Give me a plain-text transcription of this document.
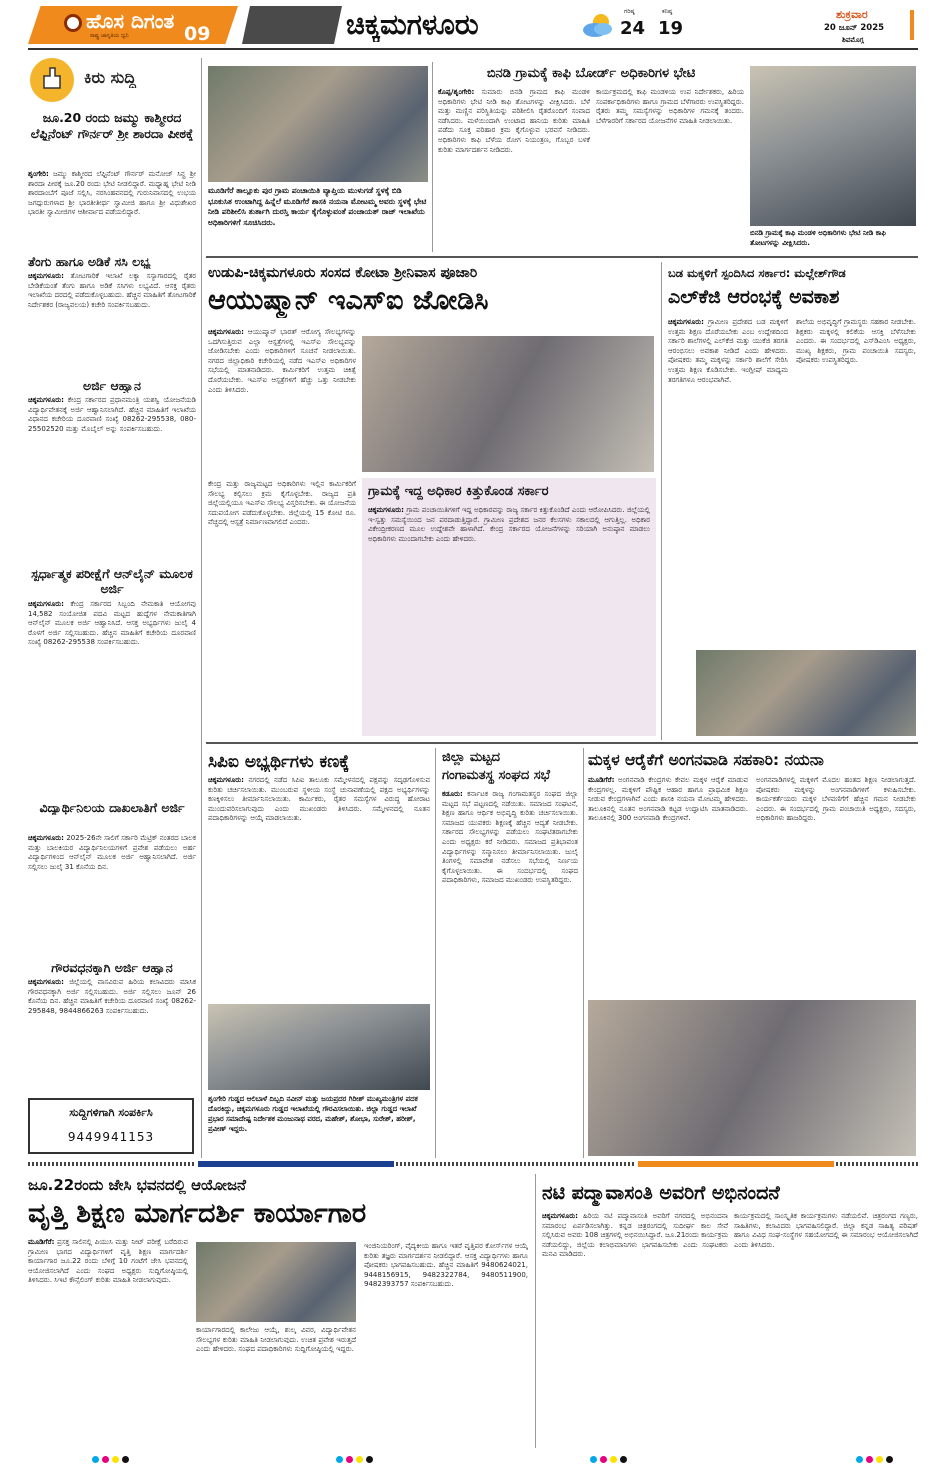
ಹೊಸ ದಿಗಂತ
ರಾಷ್ಟ್ರ ಜಾಗೃತಿಯ ಧ್ವನಿ	09	ಚಿಕ್ಕಮಗಳೂರು	ಗರಿಷ್ಠ
24
ಕನಿಷ್ಠ
19
ಶುಕ್ರವಾರ
20 ಜೂನ್ 2025
ಶಿವಮೊಗ್ಗ
ಕಿರು ಸುದ್ದಿ
ಜೂ.20 ರಂದು ಜಮ್ಮು ಕಾಶ್ಮೀರದ ಲೆಫ್ಟಿನೆಂಟ್ ಗೌರ್ನರ್ ಶ್ರೀ ಶಾರದಾ ಪೀಠಕ್ಕೆ
ಶೃಂಗೇರಿ: ಜಮ್ಮು ಕಾಶ್ಮೀರದ ಲೆಫ್ಟಿನೆಂಟ್ ಗೌರ್ನರ್ ಮನೋಜ್ ಸಿನ್ಹ ಶ್ರೀ ಶಾರದಾ ಪೀಠಕ್ಕೆ ಜೂ.20 ರಂದು ಭೇಟಿ ನೀಡಲಿದ್ದಾರೆ. ಮಧ್ಯಾಹ್ನ ಭೇಟಿ ನೀಡಿ ಶಾರದಾಂಬೆಗೆ ಪೂಜೆ ಸಲ್ಲಿಸಿ, ನರಸಿಂಹವನದಲ್ಲಿ ಗುರುನಿವಾಸದಲ್ಲಿ ಉಭಯ ಜಗದ್ಗುರುಗಳಾದ ಶ್ರೀ ಭಾರತೀತೀರ್ಥ ಸ್ವಾಮೀಜಿ ಹಾಗೂ ಶ್ರೀ ವಿಧುಶೇಖರ ಭಾರತೀ ಸ್ವಾಮೀಜಿಗಳ ಆಶೀರ್ವಾದ ಪಡೆಯಲಿದ್ದಾರೆ.
ತೆಂಗು ಹಾಗೂ ಅಡಿಕೆ ಸಸಿ ಲಭ್ಯ
ಚಿಕ್ಕಮಗಳೂರು: ತೋಟಗಾರಿಕೆ ಇಲಾಖೆ ಲಕ್ಯಾ ಸಸ್ಯಾಗಾರದಲ್ಲಿ ರೈತರ ಬೇಡಿಕೆಯಂತೆ ತೆಂಗು ಹಾಗೂ ಅಡಿಕೆ ಸಸಿಗಳು ಲಭ್ಯವಿದೆ. ಆಸಕ್ತ ರೈತರು ಇಲಾಖೆಯ ದರದಲ್ಲಿ ಪಡೆದುಕೊಳ್ಳಬಹುದು. ಹೆಚ್ಚಿನ ಮಾಹಿತಿಗೆ ತೋಟಗಾರಿಕೆ ನಿರ್ದೇಶಕರ (ರಾಜ್ಯವಲಯ) ಕಚೇರಿ ಸಂಪರ್ಕಿಸಬಹುದು.
ಅರ್ಜಿ ಆಹ್ವಾನ
ಚಿಕ್ಕಮಗಳೂರು: ಕೇಂದ್ರ ಸರ್ಕಾರದ ಪ್ರಧಾನಮಂತ್ರಿ ಯಶಸ್ವಿ ಯೋಜನೆಯಡಿ ವಿದ್ಯಾರ್ಥಿವೇತನಕ್ಕೆ ಅರ್ಜಿ ಆಹ್ವಾನಿಸಲಾಗಿದೆ. ಹೆಚ್ಚಿನ ಮಾಹಿತಿಗೆ ಇಲಾಖೆಯ ವಿಧಾನದ ಕಚೇರಿಯ ದೂರವಾಣಿ ಸಂಖ್ಯೆ 08262-295538, 080-25502520 ಮತ್ತು ಮೊಬೈಲ್ ಅನ್ನು ಸಂಪರ್ಕಿಸಬಹುದು.
ಸ್ಪರ್ಧಾತ್ಮಕ ಪರೀಕ್ಷೆಗೆ ಆನ್‌ಲೈನ್ ಮೂಲಕ ಅರ್ಜಿ
ಚಿಕ್ಕಮಗಳೂರು: ಕೇಂದ್ರ ಸರ್ಕಾರದ ಸಿಬ್ಬಂದಿ ನೇಮಕಾತಿ ಆಯೋಗವು 14,582 ಸಂಯೋಜಿತ ಪದವಿ ಮಟ್ಟದ ಹುದ್ದೆಗಳ ನೇಮಕಾತಿಗಾಗಿ ಆನ್‌ಲೈನ್ ಮೂಲಕ ಅರ್ಜಿ ಆಹ್ವಾನಿಸಿದೆ. ಆಸಕ್ತ ಅಭ್ಯರ್ಥಿಗಳು ಜುಲೈ 4 ರೊಳಗೆ ಅರ್ಜಿ ಸಲ್ಲಿಸಬಹುದು. ಹೆಚ್ಚಿನ ಮಾಹಿತಿಗೆ ಕಚೇರಿಯ ದೂರವಾಣಿ ಸಂಖ್ಯೆ 08262-295538 ಸಂಪರ್ಕಿಸಬಹುದು.
ವಿದ್ಯಾರ್ಥಿನಿಲಯ ದಾಖಲಾತಿಗೆ ಅರ್ಜಿ
ಚಿಕ್ಕಮಗಳೂರು: 2025-26ನೇ ಸಾಲಿಗೆ ಸರ್ಕಾರಿ ಮೆಟ್ರಿಕ್ ನಂತರದ ಬಾಲಕ ಮತ್ತು ಬಾಲಕಿಯರ ವಿದ್ಯಾರ್ಥಿನಿಲಯಗಳಿಗೆ ಪ್ರವೇಶ ಪಡೆಯಲು ಅರ್ಹ ವಿದ್ಯಾರ್ಥಿಗಳಿಂದ ಆನ್‌ಲೈನ್ ಮೂಲಕ ಅರ್ಜಿ ಆಹ್ವಾನಿಸಲಾಗಿದೆ. ಅರ್ಜಿ ಸಲ್ಲಿಸಲು ಜುಲೈ 31 ಕೊನೆಯ ದಿನ.
ಗೌರವಧನಕ್ಕಾಗಿ ಅರ್ಜಿ ಆಹ್ವಾನ
ಚಿಕ್ಕಮಗಳೂರು: ಜಿಲ್ಲೆಯಲ್ಲಿ ವಾಸವಿರುವ ಹಿರಿಯ ಕಲಾವಿದರು ಮಾಸಿಕ ಗೌರವಧನಕ್ಕಾಗಿ ಅರ್ಜಿ ಸಲ್ಲಿಸಬಹುದು. ಅರ್ಜಿ ಸಲ್ಲಿಸಲು ಜೂನ್ 26 ಕೊನೆಯ ದಿನ. ಹೆಚ್ಚಿನ ಮಾಹಿತಿಗೆ ಕಚೇರಿಯ ದೂರವಾಣಿ ಸಂಖ್ಯೆ 08262-295848, 9844866263 ಸಂಪರ್ಕಿಸಬಹುದು.
ಸುದ್ದಿಗಳಿಗಾಗಿ ಸಂಪರ್ಕಿಸಿ
9449941153
ಮೂಡಿಗೆರೆ ತಾಲ್ಲೂಕು ಪುರ ಗ್ರಾಮ ಪಂಚಾಯಿತಿ ವ್ಯಾಪ್ತಿಯ ಮುಳುಗಡೆ ಸ್ಥಳಕ್ಕೆ ಬಿಡಿ ಭೂಕುಸಿತ ಉಂಟಾಗಿದ್ದ ಹಿನ್ನೆಲೆ ಮೂಡಿಗೆರೆ ಶಾಸಕಿ ನಯನಾ ಮೋಟಮ್ಮ ಅವರು ಸ್ಥಳಕ್ಕೆ ಭೇಟಿ ನೀಡಿ ಪರಿಶೀಲಿಸಿ ತುರ್ತಾಗಿ ದುರಸ್ತಿ ಕಾರ್ಯ ಕೈಗೊಳ್ಳುವಂತೆ ಪಂಚಾಯತ್ ರಾಜ್ ಇಲಾಖೆಯ ಅಧಿಕಾರಿಗಳಿಗೆ ಸೂಚಿಸಿದರು.
ಬಿನಡಿ ಗ್ರಾಮಕ್ಕೆ ಕಾಫಿ ಬೋರ್ಡ್ ಅಧಿಕಾರಿಗಳ ಭೇಟಿ
ಕೊಪ್ಪ/ಶೃಂಗೇರಿ: ಸುಮಾರು ಬಿನಡಿ ಗ್ರಾಮದ ಕಾಫಿ ಮಂಡಳಿ ಅಧಿಕಾರಿಗಳು ಭೇಟಿ ನೀಡಿ ಕಾಫಿ ತೋಟಗಳನ್ನು ವೀಕ್ಷಿಸಿದರು. ಬೆಳೆ ಮತ್ತು ಮಣ್ಣಿನ ಪರಿಸ್ಥಿತಿಯನ್ನು ಪರಿಶೀಲಿಸಿ ರೈತರೊಂದಿಗೆ ಸಂವಾದ ನಡೆಸಿದರು. ಮಳೆಯಿಂದಾಗಿ ಉಂಟಾದ ಹಾನಿಯ ಕುರಿತು ಮಾಹಿತಿ ಪಡೆದು ಸೂಕ್ತ ಪರಿಹಾರ ಕ್ರಮ ಕೈಗೊಳ್ಳುವ ಭರವಸೆ ನೀಡಿದರು. ಅಧಿಕಾರಿಗಳು ಕಾಫಿ ಬೆಳೆಯ ರೋಗ ನಿಯಂತ್ರಣ, ಗೊಬ್ಬರ ಬಳಕೆ ಕುರಿತು ಮಾರ್ಗದರ್ಶನ ನೀಡಿದರು.
ಕಾರ್ಯಕ್ರಮದಲ್ಲಿ ಕಾಫಿ ಮಂಡಳಿಯ ಉಪ ನಿರ್ದೇಶಕರು, ಹಿರಿಯ ಸಂಪರ್ಕಾಧಿಕಾರಿಗಳು ಹಾಗೂ ಗ್ರಾಮದ ಬೆಳೆಗಾರರು ಉಪಸ್ಥಿತರಿದ್ದರು. ರೈತರು ತಮ್ಮ ಸಮಸ್ಯೆಗಳನ್ನು ಅಧಿಕಾರಿಗಳ ಗಮನಕ್ಕೆ ತಂದರು. ಬೆಳೆಗಾರರಿಗೆ ಸರ್ಕಾರದ ಯೋಜನೆಗಳ ಮಾಹಿತಿ ನೀಡಲಾಯಿತು.
ಬಿನಡಿ ಗ್ರಾಮಕ್ಕೆ ಕಾಫಿ ಮಂಡಳಿ ಅಧಿಕಾರಿಗಳು ಭೇಟಿ ನೀಡಿ ಕಾಫಿ ತೋಟಗಳನ್ನು ವೀಕ್ಷಿಸಿದರು.
ಉಡುಪಿ-ಚಿಕ್ಕಮಗಳೂರು ಸಂಸದ ಕೋಟಾ ಶ್ರೀನಿವಾಸ ಪೂಜಾರಿ
ಆಯುಷ್ಮಾನ್ ಇಎಸ್‌ಐ ಜೋಡಿಸಿ
ಚಿಕ್ಕಮಗಳೂರು: ಆಯುಷ್ಮಾನ್ ಭಾರತ್ ಆರೋಗ್ಯ ಸೌಲಭ್ಯಗಳನ್ನು ಒದಗಿಸುತ್ತಿರುವ ಎಲ್ಲಾ ಆಸ್ಪತ್ರೆಗಳಲ್ಲಿ ಇಎಸ್‌ಐ ಸೌಲಭ್ಯವನ್ನು ಜೋಡಿಸಬೇಕು ಎಂದು ಅಧಿಕಾರಿಗಳಿಗೆ ಸೂಚನೆ ನೀಡಲಾಯಿತು. ನಗರದ ಜಿಲ್ಲಾಧಿಕಾರಿ ಕಚೇರಿಯಲ್ಲಿ ನಡೆದ ಇಎಸ್‌ಐ ಅಧಿಕಾರಿಗಳ ಸಭೆಯಲ್ಲಿ ಮಾತನಾಡಿದರು. ಕಾರ್ಮಿಕರಿಗೆ ಉತ್ತಮ ಚಿಕಿತ್ಸೆ ದೊರೆಯಬೇಕು. ಇಎಸ್‌ಐ ಆಸ್ಪತ್ರೆಗಳಿಗೆ ಹೆಚ್ಚು ಒತ್ತು ನೀಡಬೇಕು ಎಂದು ತಿಳಿಸಿದರು.
ಕೇಂದ್ರ ಮತ್ತು ರಾಜ್ಯಮಟ್ಟದ ಅಧಿಕಾರಿಗಳು ಇಲ್ಲಿನ ಕಾರ್ಮಿಕರಿಗೆ ಸೌಲಭ್ಯ ಕಲ್ಪಿಸಲು ಕ್ರಮ ಕೈಗೊಳ್ಳಬೇಕು. ರಾಜ್ಯದ ಪ್ರತಿ ಜಿಲ್ಲೆಯಲ್ಲಿಯೂ ಇಎಸ್‌ಐ ಸೌಲಭ್ಯ ವಿಸ್ತರಿಸಬೇಕು. ಈ ಯೋಜನೆಯ ಸದುಪಯೋಗ ಪಡೆದುಕೊಳ್ಳಬೇಕು. ಜಿಲ್ಲೆಯಲ್ಲಿ 15 ಕೋಟಿ ರೂ. ವೆಚ್ಚದಲ್ಲಿ ಆಸ್ಪತ್ರೆ ನಿರ್ಮಾಣವಾಗಲಿದೆ ಎಂದರು.
ಗ್ರಾಮಕ್ಕೆ ಇದ್ದ ಅಧಿಕಾರ ಕಿತ್ತುಕೊಂಡ ಸರ್ಕಾರ
ಚಿಕ್ಕಮಗಳೂರು: ಗ್ರಾಮ ಪಂಚಾಯಿತಿಗಳಿಗೆ ಇದ್ದ ಅಧಿಕಾರವನ್ನು ರಾಜ್ಯ ಸರ್ಕಾರ ಕಿತ್ತುಕೊಂಡಿದೆ ಎಂದು ಆರೋಪಿಸಿದರು. ಜಿಲ್ಲೆಯಲ್ಲಿ ಇ-ಸ್ವತ್ತು ಸಮಸ್ಯೆಯಿಂದ ಜನ ಪರದಾಡುತ್ತಿದ್ದಾರೆ. ಗ್ರಾಮೀಣ ಪ್ರದೇಶದ ಜನರ ಕೆಲಸಗಳು ಸಕಾಲದಲ್ಲಿ ಆಗುತ್ತಿಲ್ಲ. ಅಧಿಕಾರ ವಿಕೇಂದ್ರೀಕರಣದ ಮೂಲ ಉದ್ದೇಶವೇ ಹಾಳಾಗಿದೆ. ಕೇಂದ್ರ ಸರ್ಕಾರದ ಯೋಜನೆಗಳನ್ನು ಸರಿಯಾಗಿ ಅನುಷ್ಠಾನ ಮಾಡಲು ಅಧಿಕಾರಿಗಳು ಮುಂದಾಗಬೇಕು ಎಂದು ಹೇಳಿದರು.
ಬಡ ಮಕ್ಕಳಿಗೆ ಸ್ಪಂದಿಸಿದ ಸರ್ಕಾರ: ಮಲ್ಲೇಶ್‌ಗೌಡ
ಎಲ್‌ಕೆಜಿ ಆರಂಭಕ್ಕೆ ಅವಕಾಶ
ಚಿಕ್ಕಮಗಳೂರು: ಗ್ರಾಮೀಣ ಪ್ರದೇಶದ ಬಡ ಮಕ್ಕಳಿಗೆ ಉತ್ತಮ ಶಿಕ್ಷಣ ದೊರೆಯಬೇಕು ಎಂಬ ಉದ್ದೇಶದಿಂದ ಸರ್ಕಾರಿ ಶಾಲೆಗಳಲ್ಲಿ ಎಲ್‌ಕೆಜಿ ಮತ್ತು ಯುಕೆಜಿ ತರಗತಿ ಆರಂಭಿಸಲು ಅವಕಾಶ ನೀಡಿದೆ ಎಂದು ಹೇಳಿದರು. ಪೋಷಕರು ತಮ್ಮ ಮಕ್ಕಳನ್ನು ಸರ್ಕಾರಿ ಶಾಲೆಗೆ ಸೇರಿಸಿ ಉತ್ತಮ ಶಿಕ್ಷಣ ಕೊಡಿಸಬೇಕು. ಇಂಗ್ಲೀಷ್ ಮಾಧ್ಯಮ ತರಗತಿಗಳೂ ಆರಂಭವಾಗಿವೆ.
ಶಾಲೆಯ ಅಭಿವೃದ್ಧಿಗೆ ಗ್ರಾಮಸ್ಥರು ಸಹಕಾರ ನೀಡಬೇಕು. ಶಿಕ್ಷಕರು ಮಕ್ಕಳಲ್ಲಿ ಕಲಿಕೆಯ ಆಸಕ್ತಿ ಬೆಳೆಸಬೇಕು ಎಂದರು. ಈ ಸಂದರ್ಭದಲ್ಲಿ ಎಸ್‌ಡಿಎಂಸಿ ಅಧ್ಯಕ್ಷರು, ಮುಖ್ಯ ಶಿಕ್ಷಕರು, ಗ್ರಾಮ ಪಂಚಾಯಿತಿ ಸದಸ್ಯರು, ಪೋಷಕರು ಉಪಸ್ಥಿತರಿದ್ದರು.
ಸಿಪಿಐ ಅಭ್ಯರ್ಥಿಗಳು ಕಣಕ್ಕೆ
ಚಿಕ್ಕಮಗಳೂರು: ನಗರದಲ್ಲಿ ನಡೆದ ಸಿಪಿಐ ತಾಲೂಕು ಸಮ್ಮೇಳನದಲ್ಲಿ ಪಕ್ಷವನ್ನು ಸದೃಢಗೊಳಿಸುವ ಕುರಿತು ಚರ್ಚಿಸಲಾಯಿತು. ಮುಂಬರುವ ಸ್ಥಳೀಯ ಸಂಸ್ಥೆ ಚುನಾವಣೆಯಲ್ಲಿ ಪಕ್ಷದ ಅಭ್ಯರ್ಥಿಗಳನ್ನು ಕಣಕ್ಕಿಳಿಸಲು ತೀರ್ಮಾನಿಸಲಾಯಿತು. ಕಾರ್ಮಿಕರು, ರೈತರ ಸಮಸ್ಯೆಗಳ ವಿರುದ್ಧ ಹೋರಾಟ ಮುಂದುವರಿಸಲಾಗುವುದು ಎಂದು ಮುಖಂಡರು ತಿಳಿಸಿದರು. ಸಮ್ಮೇಳನದಲ್ಲಿ ನೂತನ ಪದಾಧಿಕಾರಿಗಳನ್ನು ಆಯ್ಕೆ ಮಾಡಲಾಯಿತು.
ಶೃಂಗೇರಿ ಗುಡ್ಡದ ಆಲಿಬಾಳೆ ದಿಬ್ಬದಿ ನವೀನ್ ಮತ್ತು ಜಯಪ್ರದರ ಗಿರೀಶ್ ಮುಖ್ಯಮಂತ್ರಿಗಳ ಪದಕ ದೊರಕಿದ್ದು, ಚಿಕ್ಕಮಗಳೂರು ಗುಡ್ಡದ ಇಲಾಖೆಯಲ್ಲಿ ಗೌರವಿಸಲಾಯಿತು. ಜಿಲ್ಲಾ ಗುಡ್ಡದ ಇಲಾಖೆ ಪ್ರಭಾರ ಸಮಾದೇಷ್ಟ ನಿರ್ದೇಶಕ ಮಂಜುನಾಥ ವರದ, ಮಹೇಶ್, ಶೋಭಾ, ಸುರೇಶ್, ಹರೀಶ್, ಪ್ರವೀಣ್ ಇದ್ದರು.
ಜಿಲ್ಲಾ ಮಟ್ಟದ
ಗಂಗಾಮತಸ್ಥ ಸಂಘದ ಸಭೆ
ಕಡೂರು: ಕರ್ನಾಟಕ ರಾಜ್ಯ ಗಂಗಾಮತಸ್ಥರ ಸಂಘದ ಜಿಲ್ಲಾ ಮಟ್ಟದ ಸಭೆ ಪಟ್ಟಣದಲ್ಲಿ ನಡೆಯಿತು. ಸಮಾಜದ ಸಂಘಟನೆ, ಶಿಕ್ಷಣ ಹಾಗೂ ಆರ್ಥಿಕ ಅಭಿವೃದ್ಧಿ ಕುರಿತು ಚರ್ಚಿಸಲಾಯಿತು. ಸಮಾಜದ ಯುವಕರು ಶಿಕ್ಷಣಕ್ಕೆ ಹೆಚ್ಚಿನ ಆದ್ಯತೆ ನೀಡಬೇಕು. ಸರ್ಕಾರದ ಸೌಲಭ್ಯಗಳನ್ನು ಪಡೆಯಲು ಸಂಘಟಿತರಾಗಬೇಕು ಎಂದು ಅಧ್ಯಕ್ಷರು ಕರೆ ನೀಡಿದರು. ಸಮಾಜದ ಪ್ರತಿಭಾವಂತ ವಿದ್ಯಾರ್ಥಿಗಳನ್ನು ಸನ್ಮಾನಿಸಲು ತೀರ್ಮಾನಿಸಲಾಯಿತು. ಜುಲೈ ತಿಂಗಳಲ್ಲಿ ಸಮಾವೇಶ ನಡೆಸಲು ಸಭೆಯಲ್ಲಿ ನಿರ್ಣಯ ಕೈಗೊಳ್ಳಲಾಯಿತು. ಈ ಸಂದರ್ಭದಲ್ಲಿ ಸಂಘದ ಪದಾಧಿಕಾರಿಗಳು, ಸಮಾಜದ ಮುಖಂಡರು ಉಪಸ್ಥಿತರಿದ್ದರು.
ಮಕ್ಕಳ ಆರೈಕೆಗೆ ಅಂಗನವಾಡಿ ಸಹಕಾರಿ: ನಯನಾ
ಮೂಡಿಗೆರೆ: ಅಂಗನವಾಡಿ ಕೇಂದ್ರಗಳು ಕೇವಲ ಮಕ್ಕಳ ಆರೈಕೆ ಮಾಡುವ ಕೇಂದ್ರಗಳಲ್ಲ. ಮಕ್ಕಳಿಗೆ ಪೌಷ್ಟಿಕ ಆಹಾರ ಹಾಗೂ ಪ್ರಾಥಮಿಕ ಶಿಕ್ಷಣ ನೀಡುವ ಕೇಂದ್ರಗಳಾಗಿವೆ ಎಂದು ಶಾಸಕಿ ನಯನಾ ಮೋಟಮ್ಮ ಹೇಳಿದರು. ತಾಲೂಕಿನಲ್ಲಿ ನೂತನ ಅಂಗನವಾಡಿ ಕಟ್ಟಡ ಉದ್ಘಾಟಿಸಿ ಮಾತನಾಡಿದರು. ತಾಲೂಕಿನಲ್ಲಿ 300 ಅಂಗನವಾಡಿ ಕೇಂದ್ರಗಳಿವೆ.
ಅಂಗನವಾಡಿಗಳಲ್ಲಿ ಮಕ್ಕಳಿಗೆ ಮೊದಲ ಹಂತದ ಶಿಕ್ಷಣ ನೀಡಲಾಗುತ್ತದೆ. ಪೋಷಕರು ಮಕ್ಕಳನ್ನು ಅಂಗನವಾಡಿಗಳಿಗೆ ಕಳುಹಿಸಬೇಕು. ಕಾರ್ಯಕರ್ತೆಯರು ಮಕ್ಕಳ ಬೆಳವಣಿಗೆಗೆ ಹೆಚ್ಚಿನ ಗಮನ ನೀಡಬೇಕು ಎಂದರು. ಈ ಸಂದರ್ಭದಲ್ಲಿ ಗ್ರಾಮ ಪಂಚಾಯಿತಿ ಅಧ್ಯಕ್ಷರು, ಸದಸ್ಯರು, ಅಧಿಕಾರಿಗಳು ಹಾಜರಿದ್ದರು.
ಜೂ.22ರಂದು ಜೇಸಿ ಭವನದಲ್ಲಿ ಆಯೋಜನೆ
ವೃತ್ತಿ ಶಿಕ್ಷಣ ಮಾರ್ಗದರ್ಶಿ ಕಾರ್ಯಾಗಾರ
ಮೂಡಿಗೆರೆ: ಪ್ರಸಕ್ತ ಸಾಲಿನಲ್ಲಿ ಪಿಯುಸಿ ಮತ್ತು ನೀಟ್ ಪರೀಕ್ಷೆ ಬರೆದಿರುವ ಗ್ರಾಮೀಣ ಭಾಗದ ವಿದ್ಯಾರ್ಥಿಗಳಿಗೆ ವೃತ್ತಿ ಶಿಕ್ಷಣ ಮಾರ್ಗದರ್ಶಿ ಕಾರ್ಯಾಗಾರ ಜೂ.22 ರಂದು ಬೆಳಿಗ್ಗೆ 10 ಗಂಟೆಗೆ ಜೇಸಿ ಭವನದಲ್ಲಿ ಆಯೋಜಿಸಲಾಗಿದೆ ಎಂದು ಸಂಘದ ಅಧ್ಯಕ್ಷರು ಸುದ್ದಿಗೋಷ್ಠಿಯಲ್ಲಿ ತಿಳಿಸಿದರು. ಸಿಇಟಿ ಕೌನ್ಸೆಲಿಂಗ್ ಕುರಿತು ಮಾಹಿತಿ ನೀಡಲಾಗುವುದು.
ಕಾರ್ಯಾಗಾರದಲ್ಲಿ ಕಾಲೇಜು ಆಯ್ಕೆ, ಶುಲ್ಕ ವಿವರ, ವಿದ್ಯಾರ್ಥಿವೇತನ ಸೌಲಭ್ಯಗಳ ಕುರಿತು ಮಾಹಿತಿ ನೀಡಲಾಗುವುದು. ಉಚಿತ ಪ್ರವೇಶ ಇರುತ್ತದೆ ಎಂದು ಹೇಳಿದರು. ಸಂಘದ ಪದಾಧಿಕಾರಿಗಳು ಸುದ್ದಿಗೋಷ್ಠಿಯಲ್ಲಿ ಇದ್ದರು.
ಇಂಜಿನಿಯರಿಂಗ್, ವೈದ್ಯಕೀಯ ಹಾಗೂ ಇತರೆ ವೃತ್ತಿಪರ ಕೋರ್ಸ್‌ಗಳ ಆಯ್ಕೆ ಕುರಿತು ತಜ್ಞರು ಮಾರ್ಗದರ್ಶನ ನೀಡಲಿದ್ದಾರೆ. ಆಸಕ್ತ ವಿದ್ಯಾರ್ಥಿಗಳು ಹಾಗೂ ಪೋಷಕರು ಭಾಗವಹಿಸಬಹುದು. ಹೆಚ್ಚಿನ ಮಾಹಿತಿಗೆ 9480624021, 9448156915, 9482322784, 9480511900, 9482393757 ಸಂಪರ್ಕಿಸಬಹುದು.
ನಟಿ ಪದ್ಮಾವಾಸಂತಿ ಅವರಿಗೆ ಅಭಿನಂದನೆ
ಚಿಕ್ಕಮಗಳೂರು: ಹಿರಿಯ ನಟಿ ಪದ್ಮಾವಾಸಂತಿ ಅವರಿಗೆ ನಗರದಲ್ಲಿ ಅಭಿನಂದನಾ ಸಮಾರಂಭ ಏರ್ಪಡಿಸಲಾಗಿತ್ತು. ಕನ್ನಡ ಚಿತ್ರರಂಗದಲ್ಲಿ ಸುದೀರ್ಘ ಕಾಲ ಸೇವೆ ಸಲ್ಲಿಸಿರುವ ಅವರು 108 ಚಿತ್ರಗಳಲ್ಲಿ ಅಭಿನಯಿಸಿದ್ದಾರೆ. ಜೂ.21ರಂದು ಕಾರ್ಯಕ್ರಮ ನಡೆಯಲಿದ್ದು, ಜಿಲ್ಲೆಯ ಕಲಾಭಿಮಾನಿಗಳು ಭಾಗವಹಿಸಬೇಕು ಎಂದು ಸಂಘಟಕರು ಮನವಿ ಮಾಡಿದರು.
ಕಾರ್ಯಕ್ರಮದಲ್ಲಿ ಸಾಂಸ್ಕೃತಿಕ ಕಾರ್ಯಕ್ರಮಗಳು ನಡೆಯಲಿವೆ. ಚಿತ್ರರಂಗದ ಗಣ್ಯರು, ಸಾಹಿತಿಗಳು, ಕಲಾವಿದರು ಭಾಗವಹಿಸಲಿದ್ದಾರೆ. ಜಿಲ್ಲಾ ಕನ್ನಡ ಸಾಹಿತ್ಯ ಪರಿಷತ್ ಹಾಗೂ ವಿವಿಧ ಸಂಘ-ಸಂಸ್ಥೆಗಳ ಸಹಯೋಗದಲ್ಲಿ ಈ ಸಮಾರಂಭ ಆಯೋಜಿಸಲಾಗಿದೆ ಎಂದು ತಿಳಿಸಿದರು.
